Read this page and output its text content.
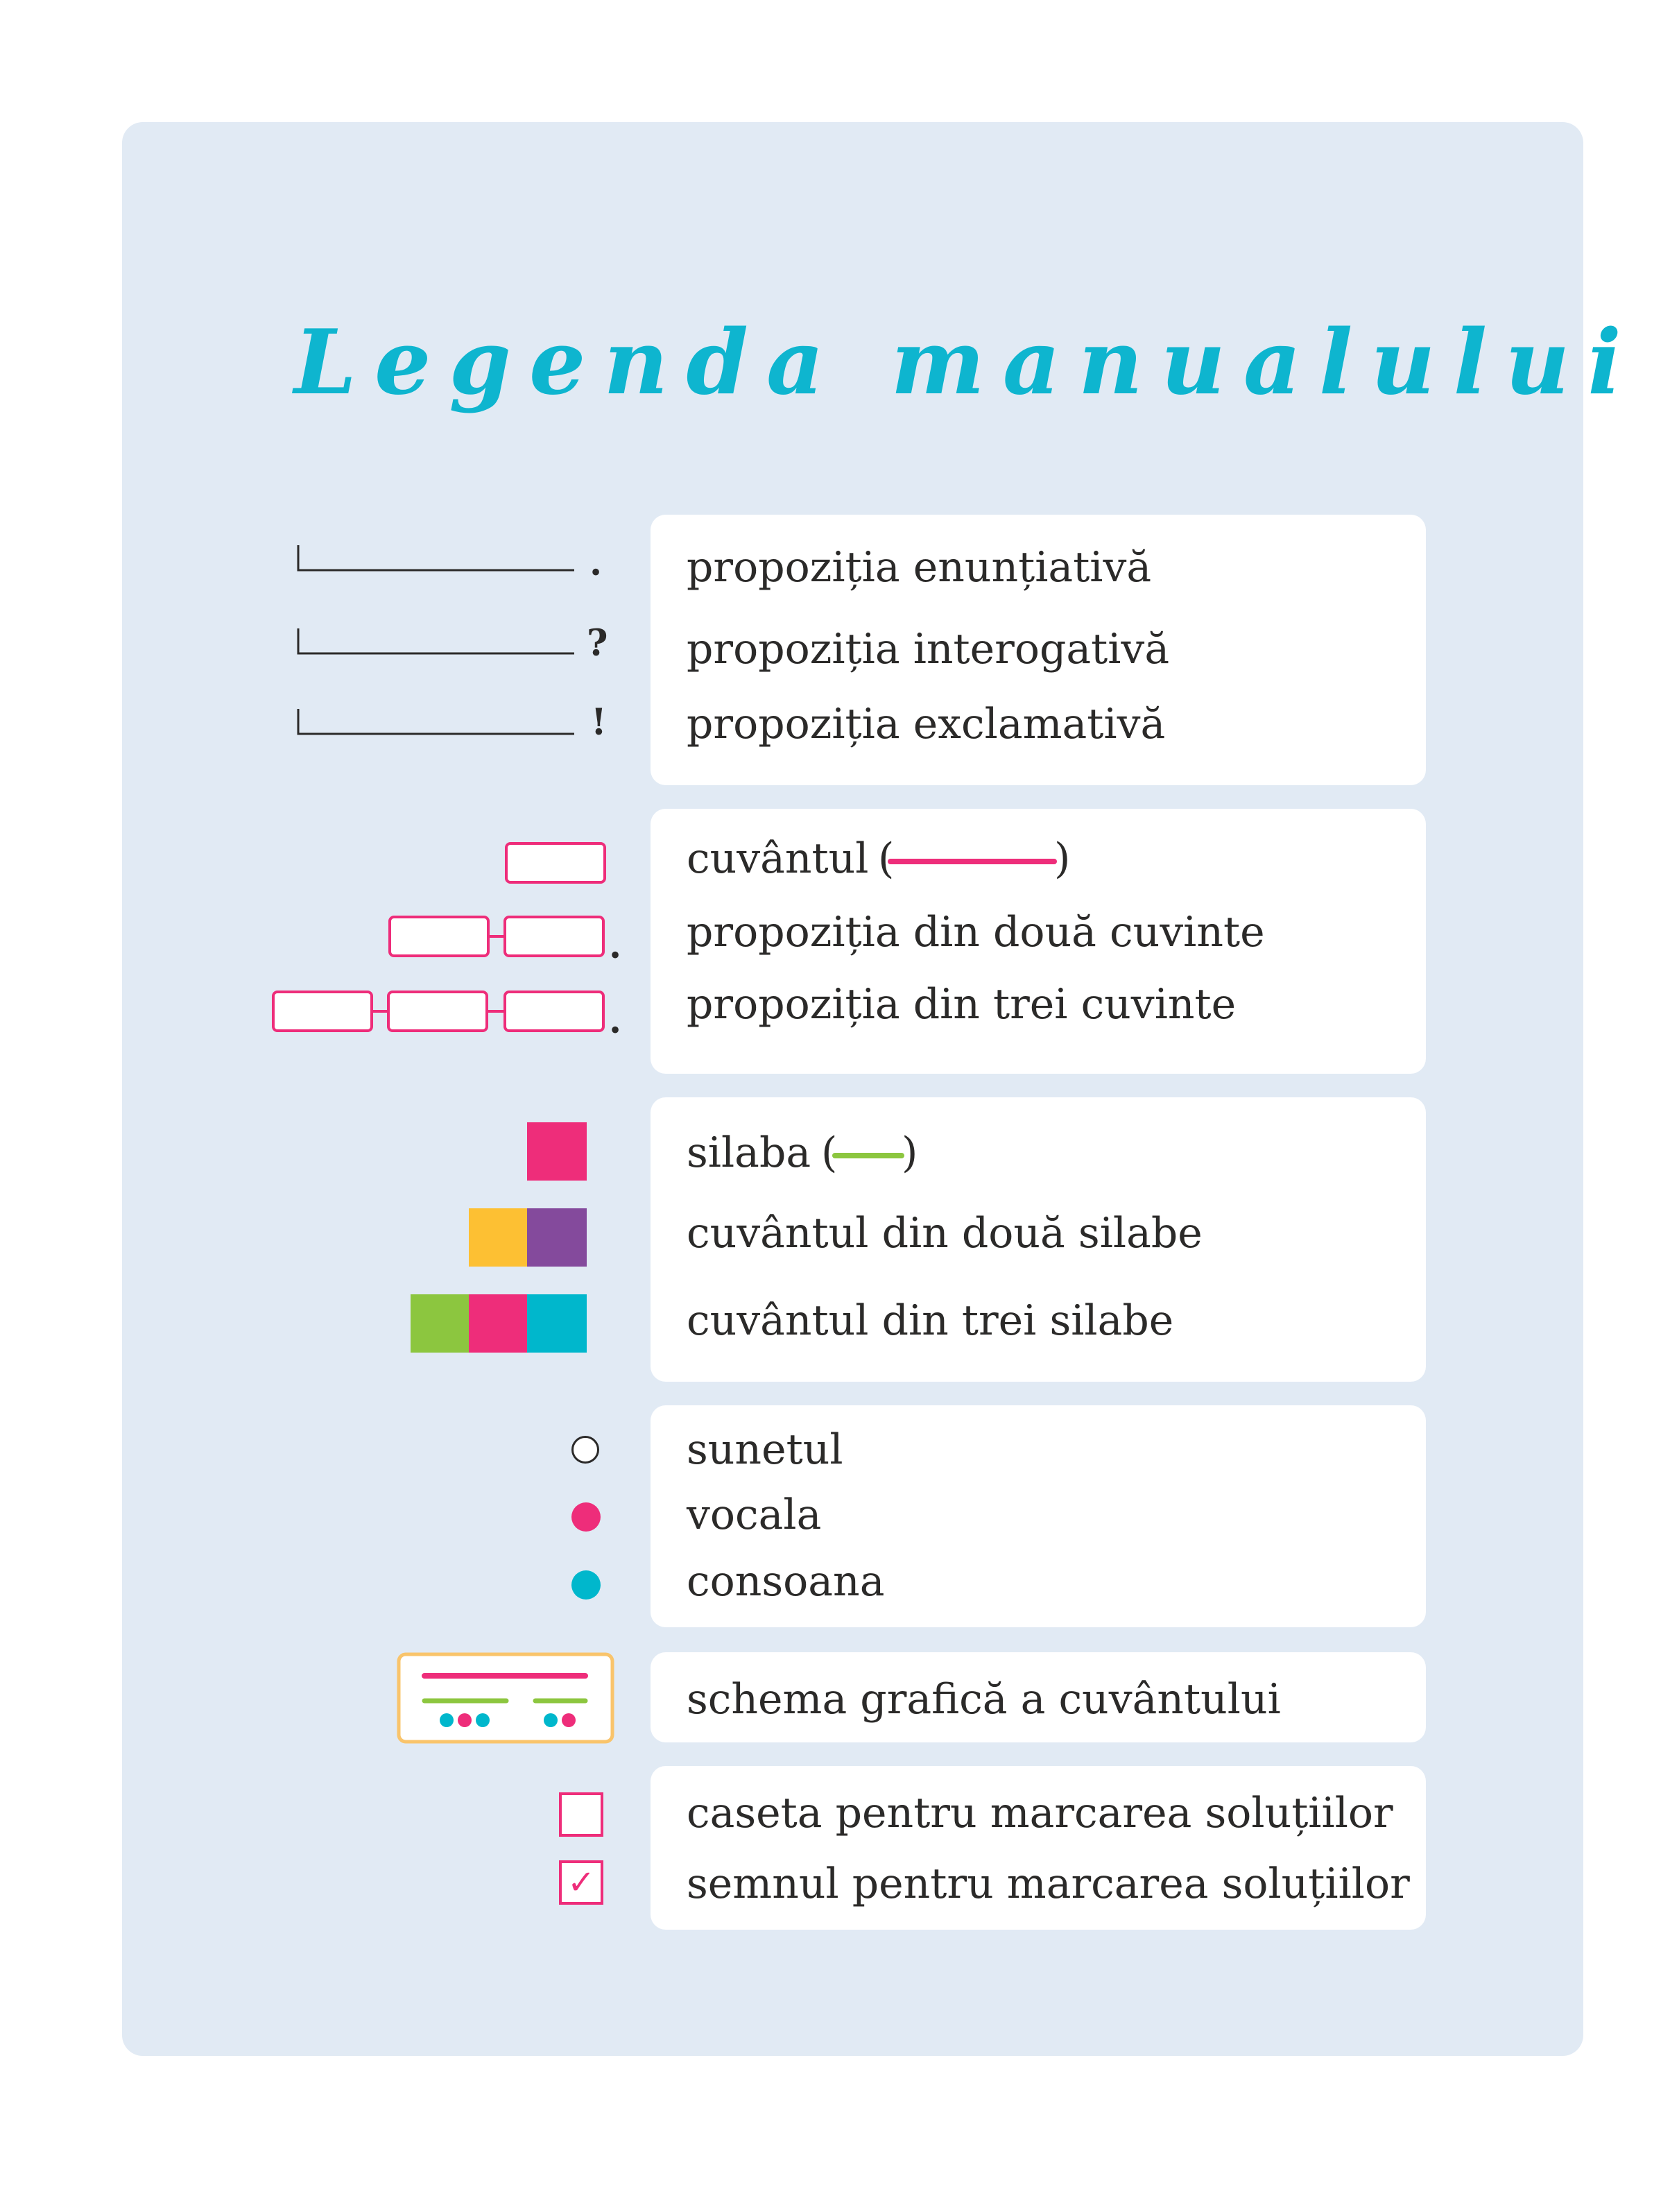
Legenda manualului
. propoziția enunțiativă
? propoziția interogativă
! propoziția exclamativă
cuvântul (	)
. propoziția din două cuvinte
. propoziția din trei cuvinte
silaba ( )
cuvântul din două silabe
cuvântul din trei silabe
sunetul
vocala
consoana
schema grafică a cuvântului
caseta pentru marcarea soluțiilor
✓ semnul pentru marcarea soluțiilor
